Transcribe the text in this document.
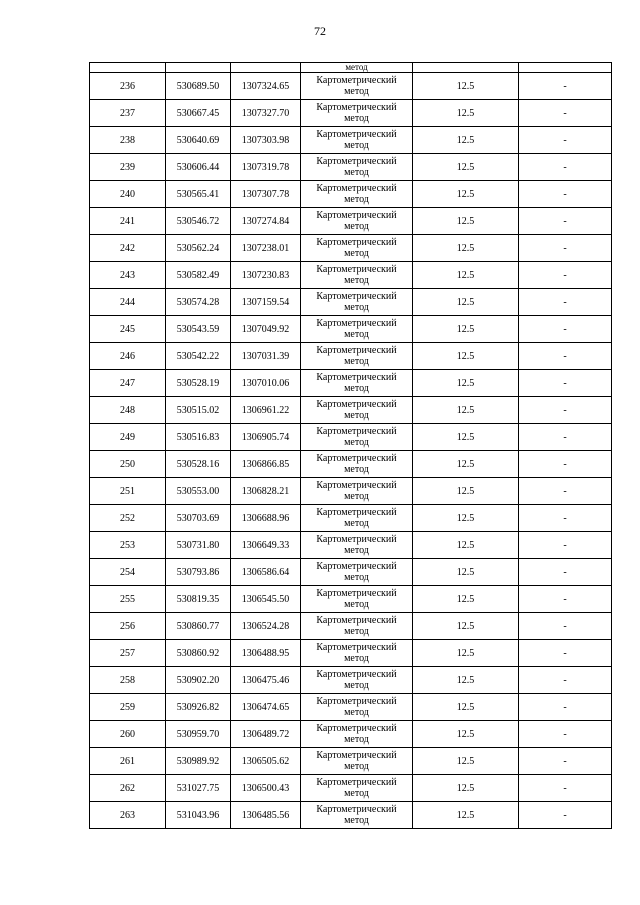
72
			метод		
236	530689.50	1307324.65	Картометрический
метод	12.5	-
237	530667.45	1307327.70	Картометрический
метод	12.5	-
238	530640.69	1307303.98	Картометрический
метод	12.5	-
239	530606.44	1307319.78	Картометрический
метод	12.5	-
240	530565.41	1307307.78	Картометрический
метод	12.5	-
241	530546.72	1307274.84	Картометрический
метод	12.5	-
242	530562.24	1307238.01	Картометрический
метод	12.5	-
243	530582.49	1307230.83	Картометрический
метод	12.5	-
244	530574.28	1307159.54	Картометрический
метод	12.5	-
245	530543.59	1307049.92	Картометрический
метод	12.5	-
246	530542.22	1307031.39	Картометрический
метод	12.5	-
247	530528.19	1307010.06	Картометрический
метод	12.5	-
248	530515.02	1306961.22	Картометрический
метод	12.5	-
249	530516.83	1306905.74	Картометрический
метод	12.5	-
250	530528.16	1306866.85	Картометрический
метод	12.5	-
251	530553.00	1306828.21	Картометрический
метод	12.5	-
252	530703.69	1306688.96	Картометрический
метод	12.5	-
253	530731.80	1306649.33	Картометрический
метод	12.5	-
254	530793.86	1306586.64	Картометрический
метод	12.5	-
255	530819.35	1306545.50	Картометрический
метод	12.5	-
256	530860.77	1306524.28	Картометрический
метод	12.5	-
257	530860.92	1306488.95	Картометрический
метод	12.5	-
258	530902.20	1306475.46	Картометрический
метод	12.5	-
259	530926.82	1306474.65	Картометрический
метод	12.5	-
260	530959.70	1306489.72	Картометрический
метод	12.5	-
261	530989.92	1306505.62	Картометрический
метод	12.5	-
262	531027.75	1306500.43	Картометрический
метод	12.5	-
263	531043.96	1306485.56	Картометрический
метод	12.5	-
